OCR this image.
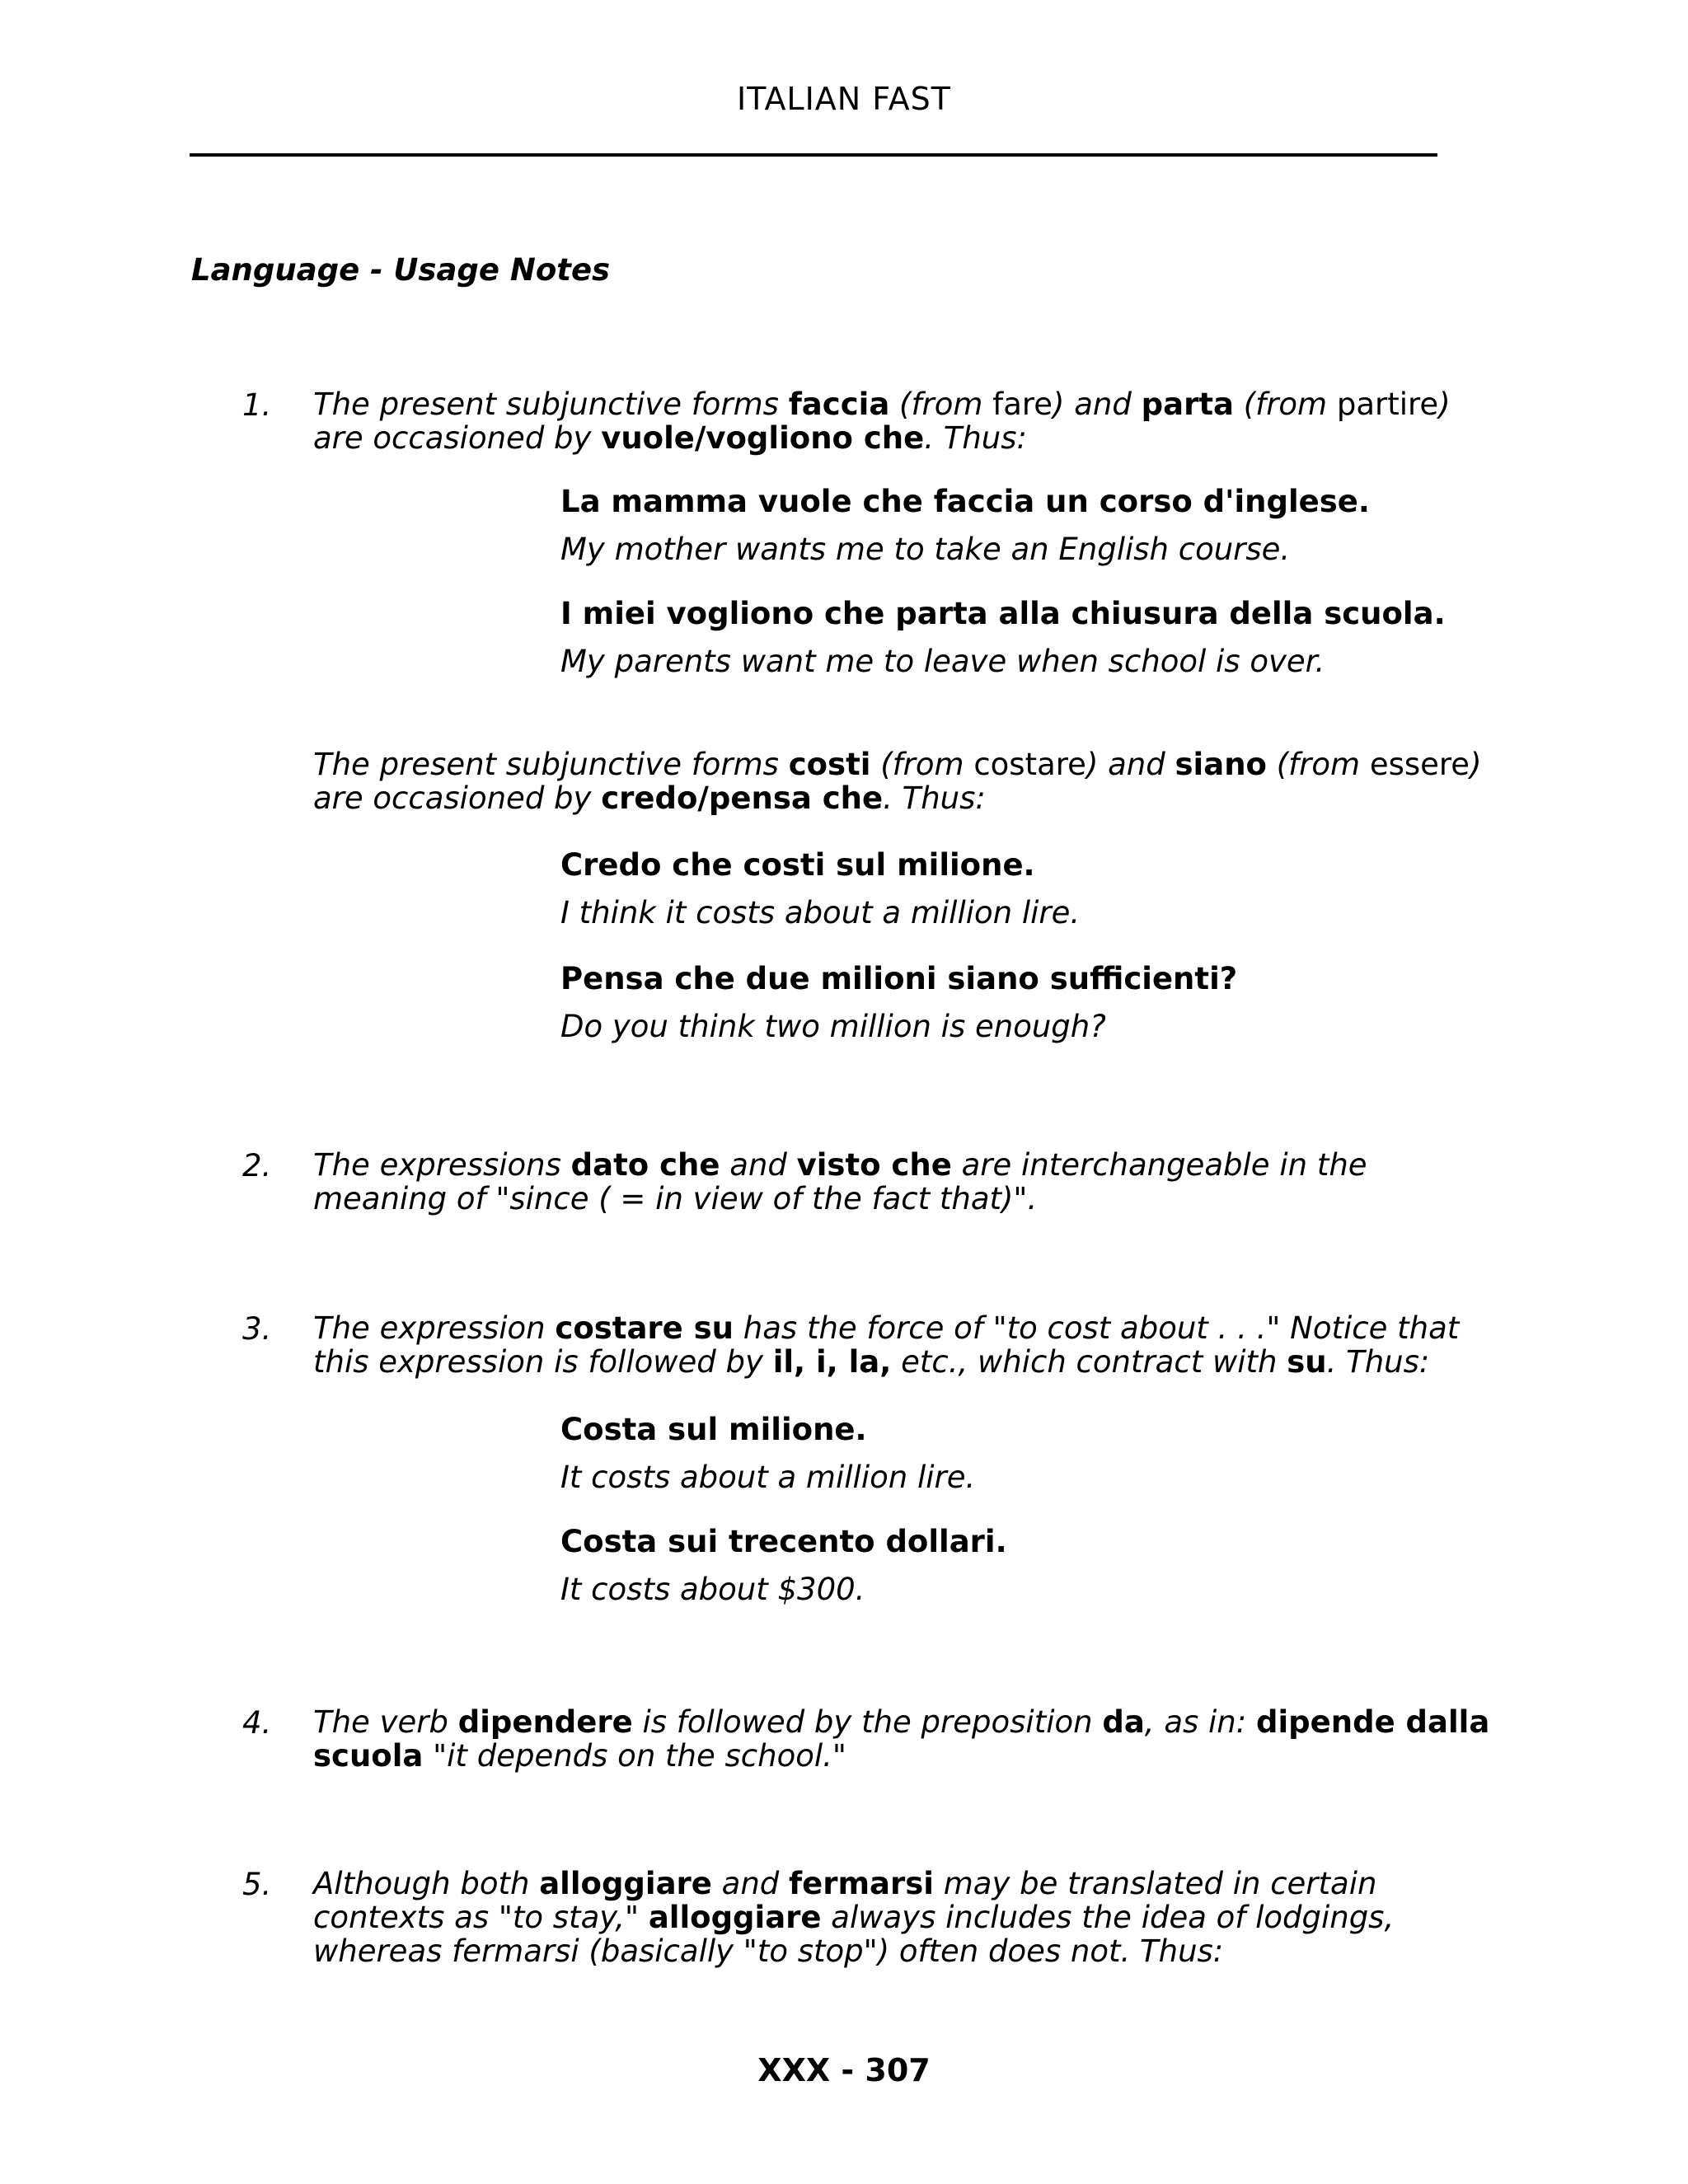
ITALIAN FAST
Language - Usage Notes
1. The present subjunctive forms faccia (from fare) and parta (from partire) are occasioned by vuole/vogliono che. Thus:
La mamma vuole che faccia un corso d'inglese.
My mother wants me to take an English course.
I miei vogliono che parta alla chiusura della scuola.
My parents want me to leave when school is over.
The present subjunctive forms costi (from costare) and siano (from essere) are occasioned by credo/pensa che. Thus:
Credo che costi sul milione.
I think it costs about a million lire.
Pensa che due milioni siano sufficienti?
Do you think two million is enough?
2. The expressions dato che and visto che are interchangeable in the meaning of "since ( = in view of the fact that)".
3. The expression costare su has the force of "to cost about . . ." Notice that this expression is followed by il, i, la, etc., which contract with su. Thus:
Costa sul milione.
It costs about a million lire.
Costa sui trecento dollari.
It costs about $300.
4. The verb dipendere is followed by the preposition da, as in: dipende dalla scuola "it depends on the school."
5. Although both alloggiare and fermarsi may be translated in certain contexts as "to stay," alloggiare always includes the idea of lodgings, whereas fermarsi (basically "to stop") often does not. Thus:
XXX - 307
